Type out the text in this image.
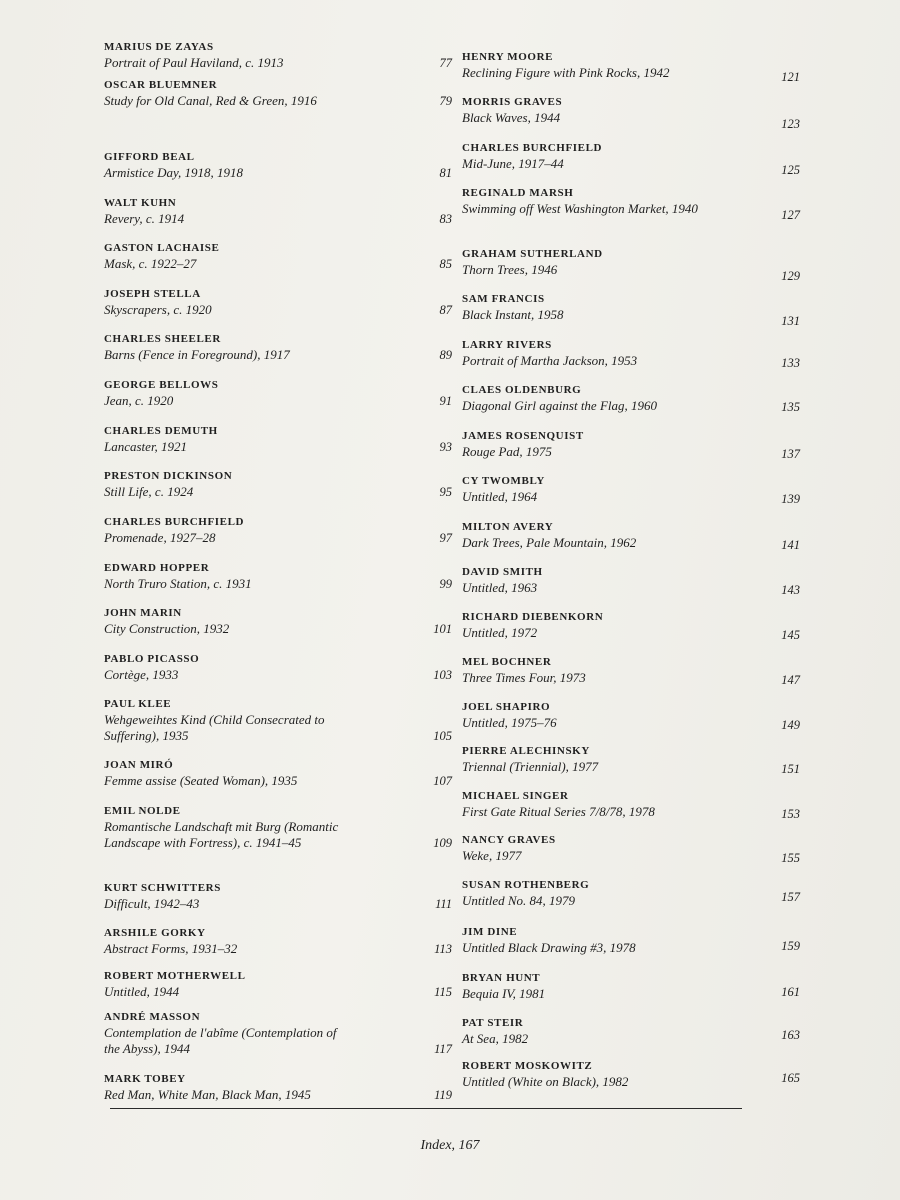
MARIUS DE ZAYAS
Portrait of Paul Haviland, c. 1913	77
OSCAR BLUEMNER
Study for Old Canal, Red & Green, 1916	79
GIFFORD BEAL
Armistice Day, 1918, 1918	81
WALT KUHN
Revery, c. 1914	83
GASTON LACHAISE
Mask, c. 1922–27	85
JOSEPH STELLA
Skyscrapers, c. 1920	87
CHARLES SHEELER
Barns (Fence in Foreground), 1917	89
GEORGE BELLOWS
Jean, c. 1920	91
CHARLES DEMUTH
Lancaster, 1921	93
PRESTON DICKINSON
Still Life, c. 1924	95
CHARLES BURCHFIELD
Promenade, 1927–28	97
EDWARD HOPPER
North Truro Station, c. 1931	99
JOHN MARIN
City Construction, 1932	101
PABLO PICASSO
Cortège, 1933	103
PAUL KLEE
Wehgeweihtes Kind (Child Consecrated to Suffering), 1935	105
JOAN MIRÓ
Femme assise (Seated Woman), 1935	107
EMIL NOLDE
Romantische Landschaft mit Burg (Romantic Landscape with Fortress), c. 1941–45	109
KURT SCHWITTERS
Difficult, 1942–43	111
ARSHILE GORKY
Abstract Forms, 1931–32	113
ROBERT MOTHERWELL
Untitled, 1944	115
ANDRÉ MASSON
Contemplation de l'abîme (Contemplation of the Abyss), 1944	117
MARK TOBEY
Red Man, White Man, Black Man, 1945	119
HENRY MOORE
Reclining Figure with Pink Rocks, 1942	121
MORRIS GRAVES
Black Waves, 1944	123
CHARLES BURCHFIELD
Mid-June, 1917–44	125
REGINALD MARSH
Swimming off West Washington Market, 1940	127
GRAHAM SUTHERLAND
Thorn Trees, 1946	129
SAM FRANCIS
Black Instant, 1958	131
LARRY RIVERS
Portrait of Martha Jackson, 1953	133
CLAES OLDENBURG
Diagonal Girl against the Flag, 1960	135
JAMES ROSENQUIST
Rouge Pad, 1975	137
CY TWOMBLY
Untitled, 1964	139
MILTON AVERY
Dark Trees, Pale Mountain, 1962	141
DAVID SMITH
Untitled, 1963	143
RICHARD DIEBENKORN
Untitled, 1972	145
MEL BOCHNER
Three Times Four, 1973	147
JOEL SHAPIRO
Untitled, 1975–76	149
PIERRE ALECHINSKY
Triennal (Triennial), 1977	151
MICHAEL SINGER
First Gate Ritual Series 7/8/78, 1978	153
NANCY GRAVES
Weke, 1977	155
SUSAN ROTHENBERG
Untitled No. 84, 1979	157
JIM DINE
Untitled Black Drawing #3, 1978	159
BRYAN HUNT
Bequia IV, 1981	161
PAT STEIR
At Sea, 1982	163
ROBERT MOSKOWITZ
Untitled (White on Black), 1982	165
Index, 167
